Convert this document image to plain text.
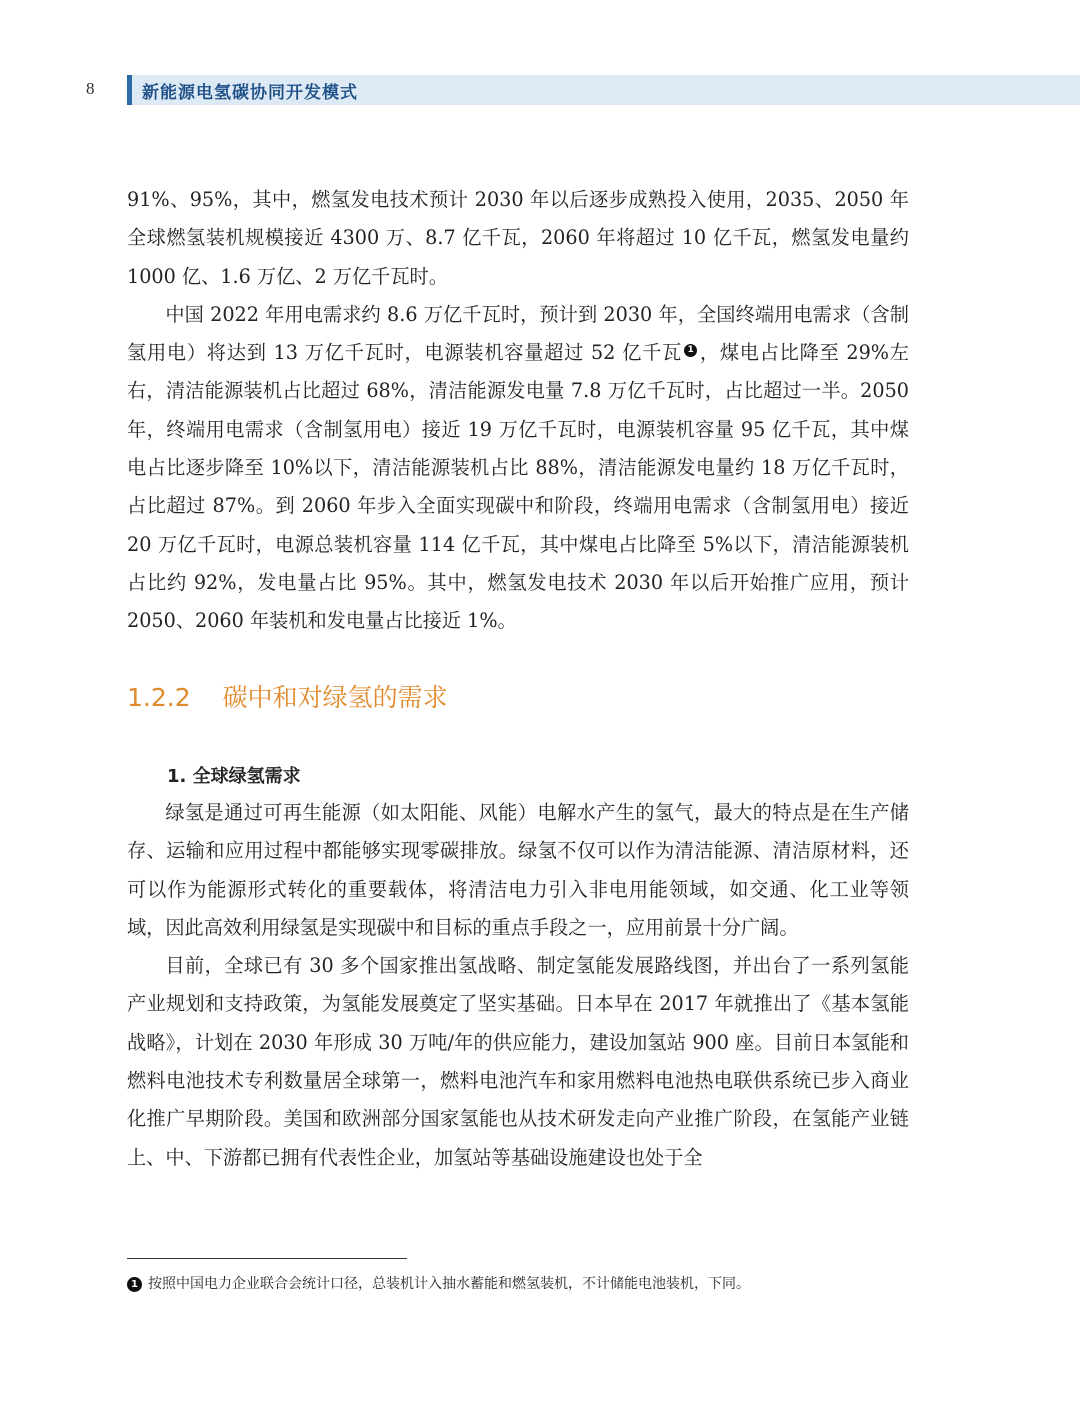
8	新能源电氢碳协同开发模式

91%、95%，其中，燃氢发电技术预计 2030 年以后逐步成熟投入使用，2035、2050 年全球燃氢装机规模接近 4300 万、8.7 亿千瓦，2060 年将超过 10 亿千瓦，燃氢发电量约 1000 亿、1.6 万亿、2 万亿千瓦时。

中国 2022 年用电需求约 8.6 万亿千瓦时，预计到 2030 年，全国终端用电需求（含制氢用电）将达到 13 万亿千瓦时，电源装机容量超过 52 亿千瓦 1 ，煤电占比降至 29%左右，清洁能源装机占比超过 68%，清洁能源发电量 7.8 万亿千瓦时，占比超过一半。2050 年，终端用电需求（含制氢用电）接近 19 万亿千瓦时，电源装机容量 95 亿千瓦，其中煤电占比逐步降至 10%以下，清洁能源装机占比 88%，清洁能源发电量约 18 万亿千瓦时，占比超过 87%。到 2060 年步入全面实现碳中和阶段，终端用电需求（含制氢用电）接近 20 万亿千瓦时，电源总装机容量 114 亿千瓦，其中煤电占比降至 5%以下，清洁能源装机占比约 92%，发电量占比 95%。其中，燃氢发电技术 2030 年以后开始推广应用，预计 2050、2060 年装机和发电量占比接近 1%。

1.2.2 碳中和对绿氢的需求
1. 全球绿氢需求

绿氢是通过可再生能源（如太阳能、风能）电解水产生的氢气，最大的特点是在生产储存、运输和应用过程中都能够实现零碳排放。绿氢不仅可以作为清洁能源、清洁原材料，还可以作为能源形式转化的重要载体，将清洁电力引入非电用能领域，如交通、化工业等领域，因此高效利用绿氢是实现碳中和目标的重点手段之一，应用前景十分广阔。

目前，全球已有 30 多个国家推出氢战略、制定氢能发展路线图，并出台了一系列氢能产业规划和支持政策，为氢能发展奠定了坚实基础。日本早在 2017 年就推出了《基本氢能战略》，计划在 2030 年形成 30 万吨/年的供应能力，建设加氢站 900 座。目前日本氢能和燃料电池技术专利数量居全球第一，燃料电池汽车和家用燃料电池热电联供系统已步入商业化推广早期阶段。美国和欧洲部分国家氢能也从技术研发走向产业推广阶段，在氢能产业链上、中、下游都已拥有代表性企业，加氢站等基础设施建设也处于全

1 按照中国电力企业联合会统计口径，总装机计入抽水蓄能和燃氢装机，不计储能电池装机，下同。
